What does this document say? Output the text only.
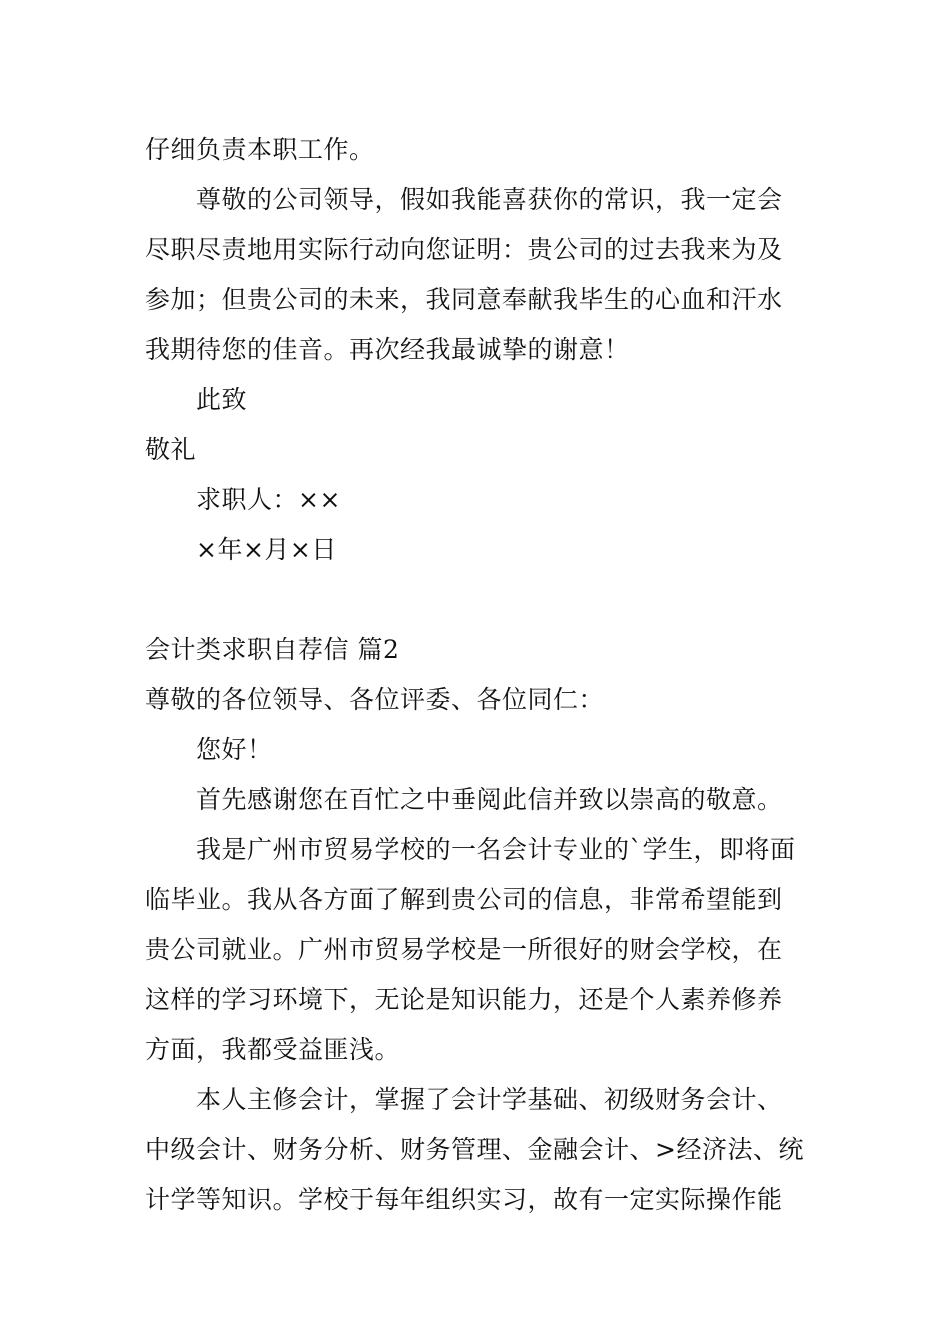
仔细负责本职工作。
尊敬的公司领导，假如我能喜获你的常识，我一定会
尽职尽责地用实际行动向您证明：贵公司的过去我来为及
参加；但贵公司的未来，我同意奉献我毕生的心血和汗水
我期待您的佳音。再次经我最诚挚的谢意！
此致
敬礼
求职人：××
×年×月×日
会计类求职自荐信 篇2
尊敬的各位领导、各位评委、各位同仁：
您好！
首先感谢您在百忙之中垂阅此信并致以崇高的敬意。
我是广州市贸易学校的一名会计专业的`学生，即将面
临毕业。我从各方面了解到贵公司的信息，非常希望能到
贵公司就业。广州市贸易学校是一所很好的财会学校，在
这样的学习环境下，无论是知识能力，还是个人素养修养
方面，我都受益匪浅。
本人主修会计，掌握了会计学基础、初级财务会计、
中级会计、财务分析、财务管理、金融会计、>经济法、统
计学等知识。学校于每年组织实习，故有一定实际操作能
